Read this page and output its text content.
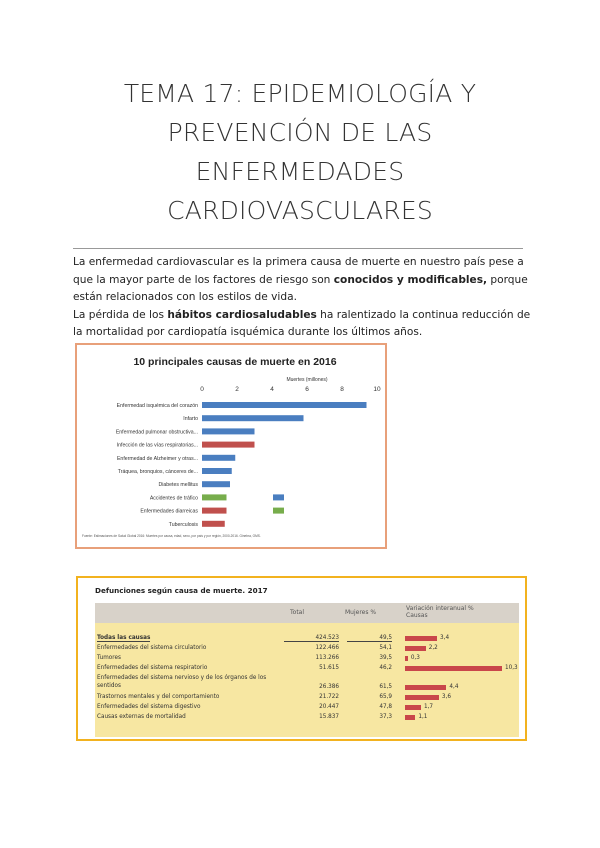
TEMA 17: EPIDEMIOLOGÍA Y
PREVENCIÓN DE LAS
ENFERMEDADES
CARDIOVASCULARES
La enfermedad cardiovascular es la primera causa de muerte en nuestro país pese a que la mayor parte de los factores de riesgo son conocidos y modificables, porque están relacionados con los estilos de vida.
La pérdida de los hábitos cardiosaludables ha ralentizado la continua reducción de la mortalidad por cardiopatía isquémica durante los últimos años.
10 principales causas de muerte en 2016
0	2	4	6	8	10
Muertes (millones)
Enfermedad isquémica del corazón
Infarto
Enfermedad pulmonar obstructiva...
Infección de las vías respiratorias...
Enfermedad de Alzheimer y otras...
Tráquea, bronquios, cánceres de...
Diabetes mellitus
Accidentes de tráfico
Enfermedades diarreicas
Tuberculosis
Fuente: Estimaciones de Salud Global 2016: Muertes por causa, edad, sexo, por país y por región, 2000-2016. Ginebra, OMS.
Defunciones según causa de muerte. 2017
Total	Mujeres %
Variación interanual % Causas
Todas las causas	424.523	49,5	3,4
Enfermedades del sistema circulatorio	122.466	54,1	2,2
Tumores	113.266	39,5	0,3
Enfermedades del sistema respiratorio	51.615	46,2	10,3
Enfermedades del sistema nervioso y de los órganos de los sentidos	26.386	61,5	4,4
Trastornos mentales y del comportamiento	21.722	65,9	3,6
Enfermedades del sistema digestivo	20.447	47,8	1,7
Causas externas de mortalidad	15.837	37,3	1,1
